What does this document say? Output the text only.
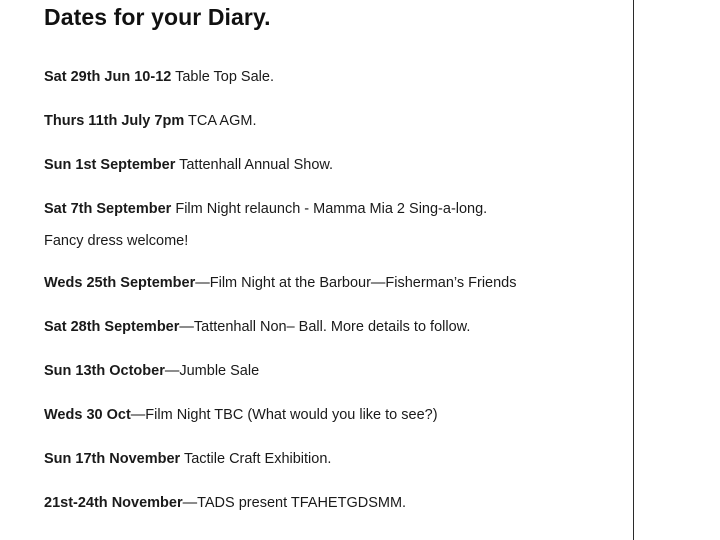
Dates for your Diary.
Sat 29th Jun 10-12 Table Top Sale.
Thurs 11th July 7pm TCA AGM.
Sun 1st September Tattenhall Annual Show.
Sat 7th September Film Night relaunch - Mamma Mia 2 Sing-a-long.
Fancy dress welcome!
Weds 25th September—Film Night at the Barbour—Fisherman’s Friends
Sat 28th September—Tattenhall Non– Ball. More details to follow.
Sun 13th October—Jumble Sale
Weds 30 Oct—Film Night TBC (What would you like to see?)
Sun 17th November Tactile Craft Exhibition.
21st-24th November—TADS present TFAHETGDSMM.
